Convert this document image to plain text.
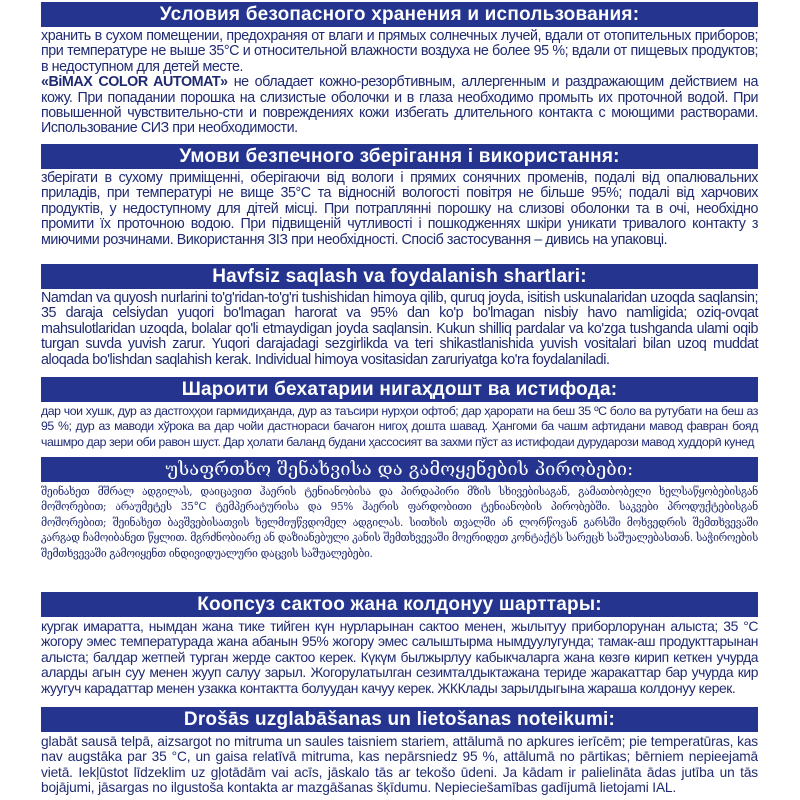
Условия безопасного хранения и использования:

хранить в сухом помещении, предохраняя от влаги и прямых солнечных лучей, вдали от отопительных приборов; при температуре не выше 35°С и относительной влажности воздуха не более 95 %; вдали от пищевых продуктов; в недоступном для детей месте.

«BiMAX COLOR AUTOMAT» не обладает кожно-резорбтивным, аллергенным и раздражающим действием на кожу. При попадании порошка на слизистые оболочки и в глаза необходимо промыть их проточной водой. При повышенной чувствительно-сти и повреждениях кожи избегать длительного контакта с моющими растворами. Использование СИЗ при необходимости.

Умови безпечного зберігання і використання:

зберігати в сухому приміщенні, оберігаючи від вологи і прямих сонячних променів, подалі від опалювальних приладів, при температурі не вище 35°С та відносній вологості повітря не більше 95%; подалі від харчових продуктів, у недоступному для дітей місці. При потраплянні порошку на слизові оболонки та в очі, необхідно промити їх проточною водою. При підвищеній чутливості і пошкодженнях шкіри уникати тривалого контакту з миючими розчинами. Використання ЗІЗ при необхідності. Спосіб застосування – дивись на упаковці.

Havfsiz saqlash va foydalanish shartlari:

Namdan va quyosh nurlarini to'g'ridan-to'g'ri tushishidan himoya qilib, quruq joyda, isitish uskunalaridan uzoqda saqlansin; 35 daraja celsiydan yuqori bo'lmagan harorat va 95% dan ko'p bo'lmagan nisbiy havo namligida; oziq-ovqat mahsulotlaridan uzoqda, bolalar qo'li etmaydigan joyda saqlansin. Kukun shilliq pardalar va ko'zga tushganda ulami oqib turgan suvda yuvish zarur. Yuqori darajadagi sezgirlikda va teri shikastlanishida yuvish vositalari bilan uzoq muddat aloqada bo'lishdan saqlahish kerak. Individual himoya vositasidan zaruriyatga ko'ra foydalaniladi.

Шароити бехатарии нигаҳдошт ва истифода:

дар чои хушк, дур аз дастгоҳҳои гармидиҳанда, дур аз таъсири нурҳои офтоб; дар ҳарорати на беш 35 ºС боло ва рутубати на беш аз 95 %; дур аз маводи хўрока ва дар чойи дастнораси бачагон нигоҳ дошта шавад. Ҳангоми ба чашм афтидани мавод фавран бояд чашмро дар зери оби равон шуст. Дар ҳолати баланд будани ҳассосият ва захми пўст аз истифодаи дурударози мавод худдорӣ кунед

უსაფრთხო შენახვისა და გამოყენების პირობები:

შეინახეთ მშრალ ადგილას, დაიცავით ჰაერის ტენიანობისა და პირდაპირი მზის სხივებისაგან, გამათბობელი ხელსაწყობებისგან მოშორებით; არაუმეტეს 35°C ტემპერატურისა და 95% ჰაერის ფარდობითი ტენიანობის პირობებში. საკვები პროდუქტებისგან მოშორებით; შეინახეთ ბავშვებისათვის ხელმიუწვდომელ ადგილას. სითხის თვალში ან ლორწოვან გარსში მოხვედრის შემთხვევაში კარგად ჩამოიბანეთ წყლით. მგრძნობიარე ან დაზიანებული კანის შემთხვევაში მოერიდეთ კონტაქტს სარეცხ საშუალებასთან. საჭიროების შემთხვევაში გამოიყენთ ინდივიდუალური დაცვის საშუალებები.

Коопсуз сактоо жана колдонуу шарттары:

кургак имаратта, нымдан жана тике тийген күн нурларынан сактоо менен, жылытуу приборлорунан алыста; 35 °С жогору эмес температурада жана абанын 95% жогору эмес салыштырма нымдуулугунда; тамак-аш продукттарынан алыста; балдар жетпей турган жерде сактоо керек. Күкүм былжырлуу кабыкчаларга жана көзгө кирип кеткен учурда аларды агын суу менен жууп салуу зарыл. Жогорулатылган сезимталдыктажана териде жаракаттар бар учурда кир жуугуч карадаттар менен узакка контактта болуудан качуу керек. ЖККлады зарылдыгына жараша колдонуу керек.

Drošās uzglabāšanas un lietošanas noteikumi:

glabāt sausā telpā, aizsargot no mitruma un saules taisniem stariem, attālumā no apkures ierīcēm; pie temperatūras, kas nav augstāka par 35 °C, un gaisa relatīvā mitruma, kas nepārsniedz 95 %, attālumā no pārtikas; bērniem nepieejamā vietā. Iekļūstot līdzeklim uz gļotādām vai acīs, jāskalo tās ar tekošo ūdeni. Ja kādam ir palielināta ādas jutība un tās bojājumi, jāsargas no ilgustoša kontakta ar mazgāšanas šķīdumu. Nepieciešamības gadījumā lietojami IAL.
